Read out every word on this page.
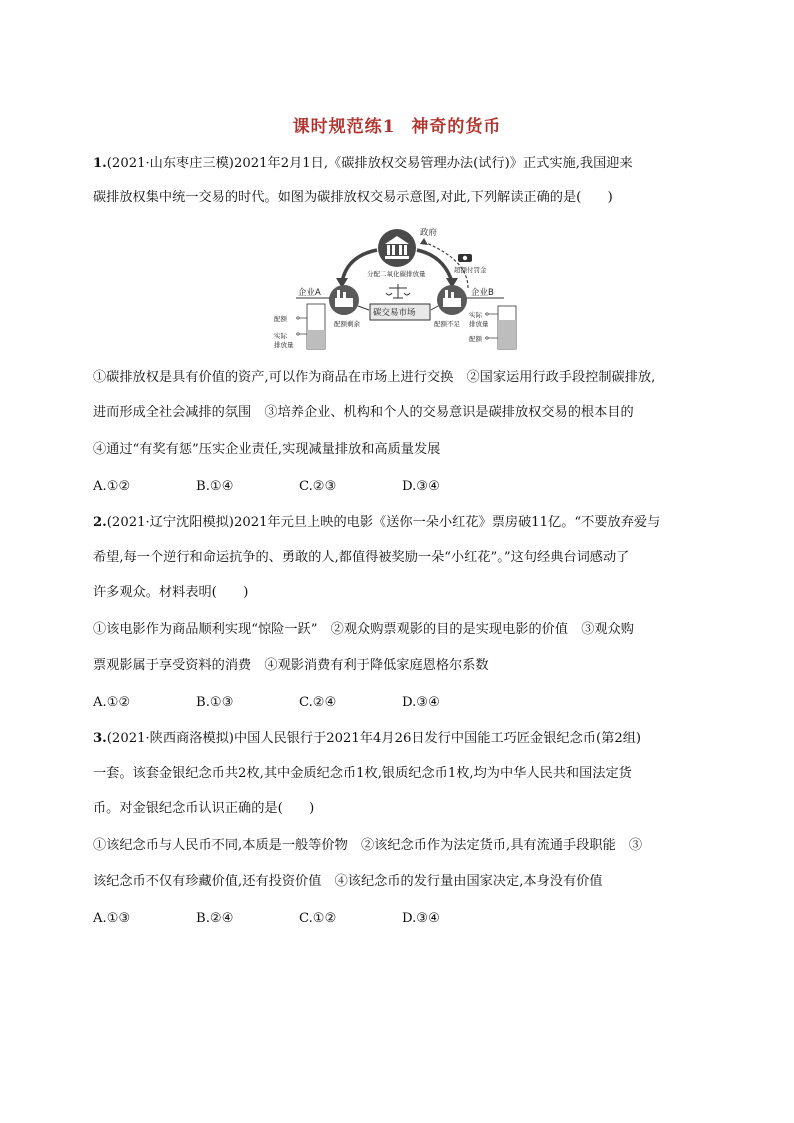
课时规范练1 神奇的货币
1.(2021·山东枣庄三模)2021年2月1日,《碳排放权交易管理办法(试行)》正式实施,我国迎来
碳排放权集中统一交易的时代。如图为碳排放权交易示意图,对此,下列解读正确的是(　　)
政府
分配二氧化碳排放量	超额付罚金
企业A	企业B
碳交易市场
配额剩余	配额不足
配额
实际
排放量
实际
排放量
配额
①碳排放权是具有价值的资产,可以作为商品在市场上进行交换　②国家运用行政手段控制碳排放,
进而形成全社会减排的氛围　③培养企业、机构和个人的交易意识是碳排放权交易的根本目的
④通过“有奖有惩”压实企业责任,实现减量排放和高质量发展
A.①②	B.①④	C.②③	D.③④
2.(2021·辽宁沈阳模拟)2021年元旦上映的电影《送你一朵小红花》票房破11亿。“不要放弃爱与
希望,每一个逆行和命运抗争的、勇敢的人,都值得被奖励一朵“小红花”。”这句经典台词感动了
许多观众。材料表明(　　)
①该电影作为商品顺利实现“惊险一跃”　②观众购票观影的目的是实现电影的价值　③观众购
票观影属于享受资料的消费　④观影消费有利于降低家庭恩格尔系数
A.①②	B.①③	C.②④	D.③④
3.(2021·陕西商洛模拟)中国人民银行于2021年4月26日发行中国能工巧匠金银纪念币(第2组)
一套。该套金银纪念币共2枚,其中金质纪念币1枚,银质纪念币1枚,均为中华人民共和国法定货
币。对金银纪念币认识正确的是(　　)
①该纪念币与人民币不同,本质是一般等价物　②该纪念币作为法定货币,具有流通手段职能　③
该纪念币不仅有珍藏价值,还有投资价值　④该纪念币的发行量由国家决定,本身没有价值
A.①③	B.②④	C.①②	D.③④
